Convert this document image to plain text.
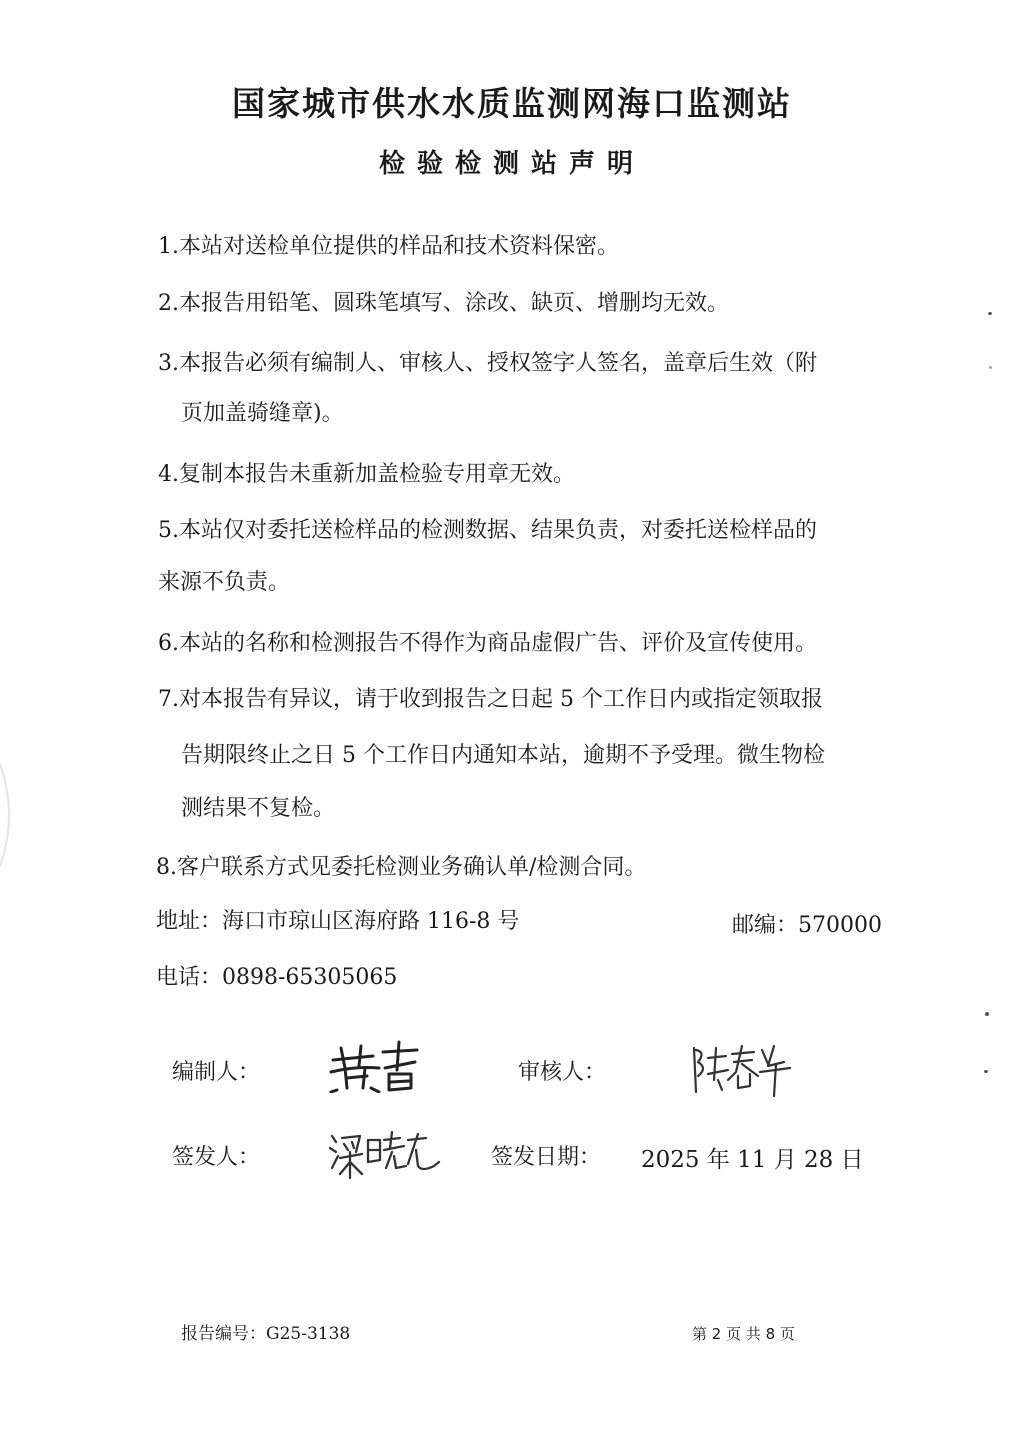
国家城市供水水质监测网海口监测站
检验检测站声明
1.本站对送检单位提供的样品和技术资料保密。
2.本报告用铅笔、圆珠笔填写、涂改、缺页、增删均无效。
3.本报告必须有编制人、审核人、授权签字人签名，盖章后生效（附
页加盖骑缝章)。
4.复制本报告未重新加盖检验专用章无效。
5.本站仅对委托送检样品的检测数据、结果负责，对委托送检样品的
来源不负责。
6.本站的名称和检测报告不得作为商品虚假广告、评价及宣传使用。
7.对本报告有异议，请于收到报告之日起 5 个工作日内或指定领取报
告期限终止之日 5 个工作日内通知本站，逾期不予受理。微生物检
测结果不复检。
8.客户联系方式见委托检测业务确认单/检测合同。
地址：海口市琼山区海府路 116-8 号	邮编：570000
电话：0898-65305065
编制人：	审核人：
签发人：	签发日期： 2025 年 11 月 28 日
报告编号：G25-3138	第 2 页 共 8 页
